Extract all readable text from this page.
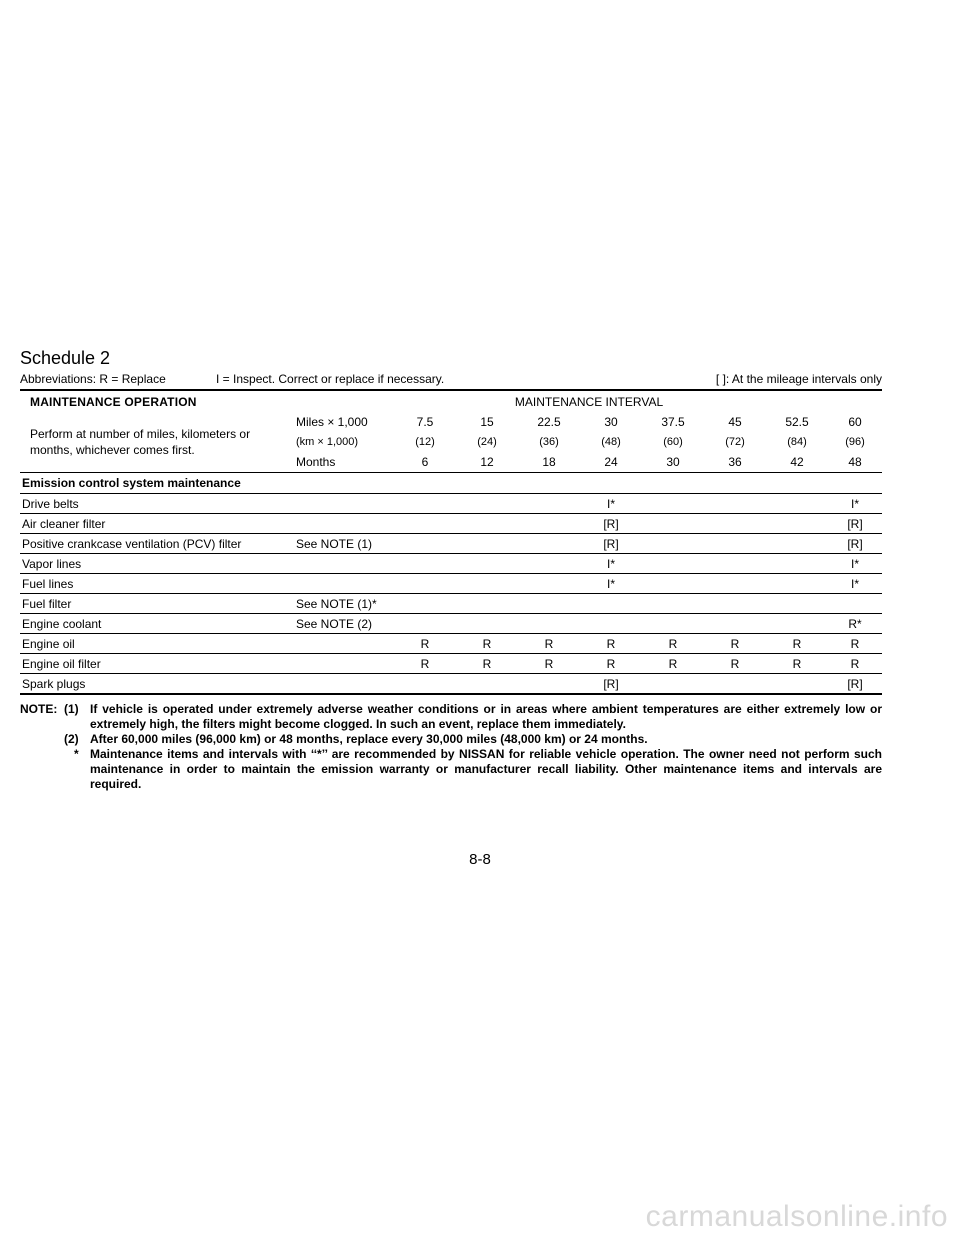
Schedule 2
Abbreviations: R = Replace	I = Inspect. Correct or replace if necessary.	[ ]: At the mileage intervals only
MAINTENANCE OPERATION	MAINTENANCE INTERVAL								
Perform at number of miles, kilometers or months, whichever comes first.	Miles × 1,000	7.5	15	22.5	30	37.5	45	52.5	60
	(km × 1,000)	(12)	(24)	(36)	(48)	(60)	(72)	(84)	(96)
	Months	6	12	18	24	30	36	42	48
Emission control system maintenance									
Drive belts					I*				I*
Air cleaner filter					[R]				[R]
Positive crankcase ventilation (PCV) filter	See NOTE (1)				[R]				[R]
Vapor lines					I*				I*
Fuel lines					I*				I*
Fuel filter	See NOTE (1)*								
Engine coolant	See NOTE (2)								R*
Engine oil		R	R	R	R	R	R	R	R
Engine oil filter		R	R	R	R	R	R	R	R
Spark plugs					[R]				[R]
NOTE: (1) If vehicle is operated under extremely adverse weather conditions or in areas where ambient temperatures are either extremely low or extremely high, the filters might become clogged. In such an event, replace them immediately.
(2) After 60,000 miles (96,000 km) or 48 months, replace every 30,000 miles (48,000 km) or 24 months.
* Maintenance items and intervals with ‘‘*’’ are recommended by NISSAN for reliable vehicle operation. The owner need not perform such maintenance in order to maintain the emission warranty or manufacturer recall liability. Other maintenance items and intervals are required.
8-8
carmanualsonline.info
